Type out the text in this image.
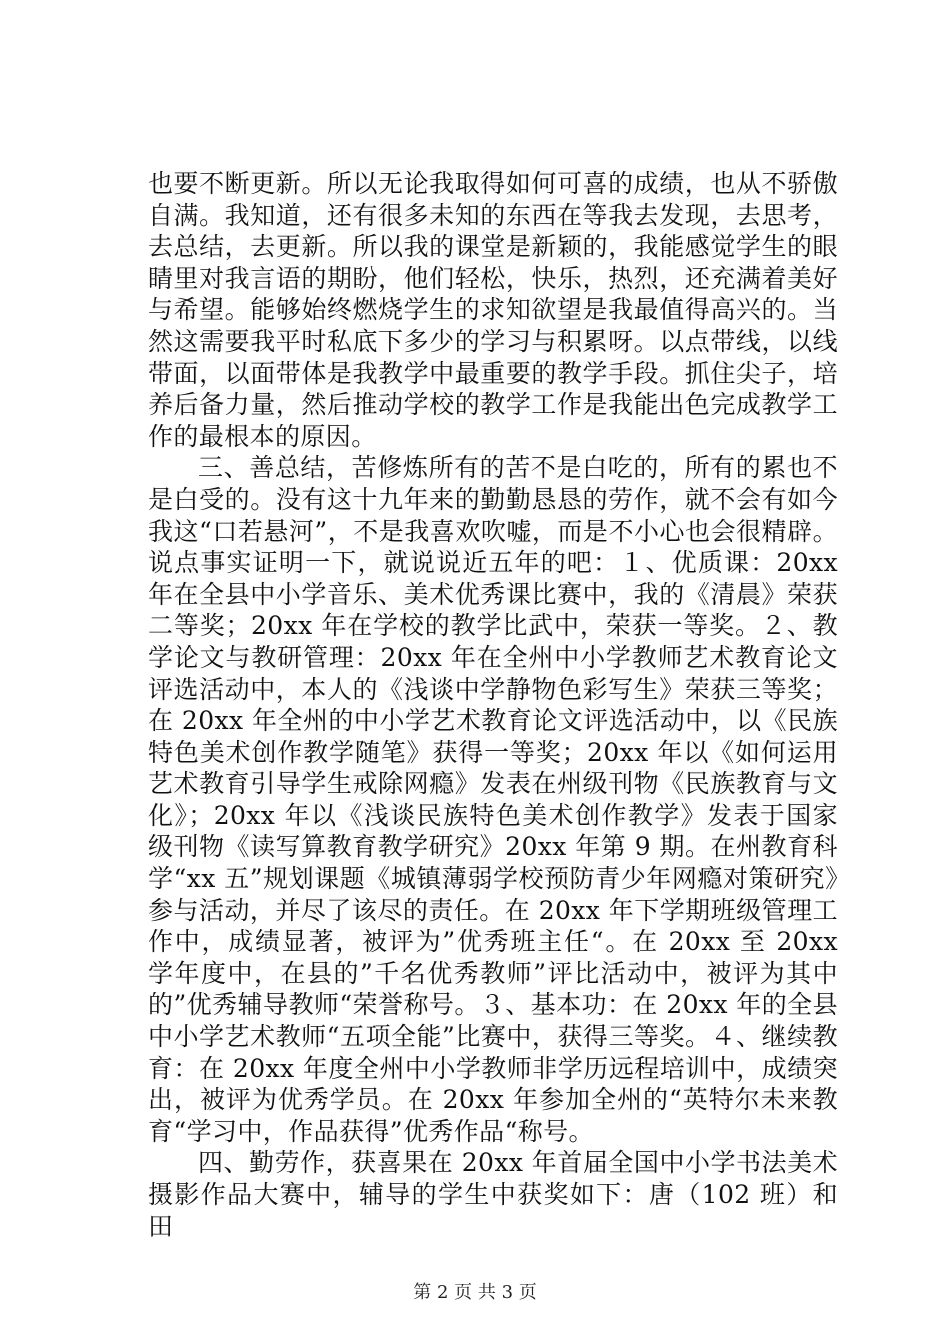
也要不断更新。所以无论我取得如何可喜的成绩，也从不骄傲自满。我知道，还有很多未知的东西在等我去发现，去思考，去总结，去更新。所以我的课堂是新颖的，我能感觉学生的眼睛里对我言语的期盼，他们轻松，快乐，热烈，还充满着美好与希望。能够始终燃烧学生的求知欲望是我最值得高兴的。当然这需要我平时私底下多少的学习与积累呀。以点带线，以线带面，以面带体是我教学中最重要的教学手段。抓住尖子，培养后备力量，然后推动学校的教学工作是我能出色完成教学工作的最根本的原因。

三、善总结，苦修炼所有的苦不是白吃的，所有的累也不是白受的。没有这十九年来的勤勤恳恳的劳作，就不会有如今我这“口若悬河”，不是我喜欢吹嘘，而是不小心也会很精辟。说点事实证明一下，就说说近五年的吧：１、优质课：20xx 年在全县中小学音乐、美术优秀课比赛中，我的《清晨》荣获二等奖；20xx 年在学校的教学比武中，荣获一等奖。２、教学论文与教研管理：20xx 年在全州中小学教师艺术教育论文评选活动中，本人的《浅谈中学静物色彩写生》荣获三等奖；在 20xx 年全州的中小学艺术教育论文评选活动中，以《民族特色美术创作教学随笔》获得一等奖；20xx 年以《如何运用艺术教育引导学生戒除网瘾》发表在州级刊物《民族教育与文化》；20xx 年以《浅谈民族特色美术创作教学》发表于国家级刊物《读写算教育教学研究》20xx 年第 9 期。在州教育科学“xx 五”规划课题《城镇薄弱学校预防青少年网瘾对策研究》参与活动，并尽了该尽的责任。在 20xx 年下学期班级管理工作中，成绩显著，被评为”优秀班主任“。在 20xx 至 20xx 学年度中，在县的”千名优秀教师”评比活动中，被评为其中的”优秀辅导教师“荣誉称号。３、基本功：在 20xx 年的全县中小学艺术教师“五项全能”比赛中，获得三等奖。４、继续教育：在 20xx 年度全州中小学教师非学历远程培训中，成绩突出，被评为优秀学员。在 20xx 年参加全州的“英特尔未来教育“学习中，作品获得”优秀作品“称号。

四、勤劳作，获喜果在 20xx 年首届全国中小学书法美术摄影作品大赛中，辅导的学生中获奖如下：唐（102 班）和田

第 2 页 共 3 页
